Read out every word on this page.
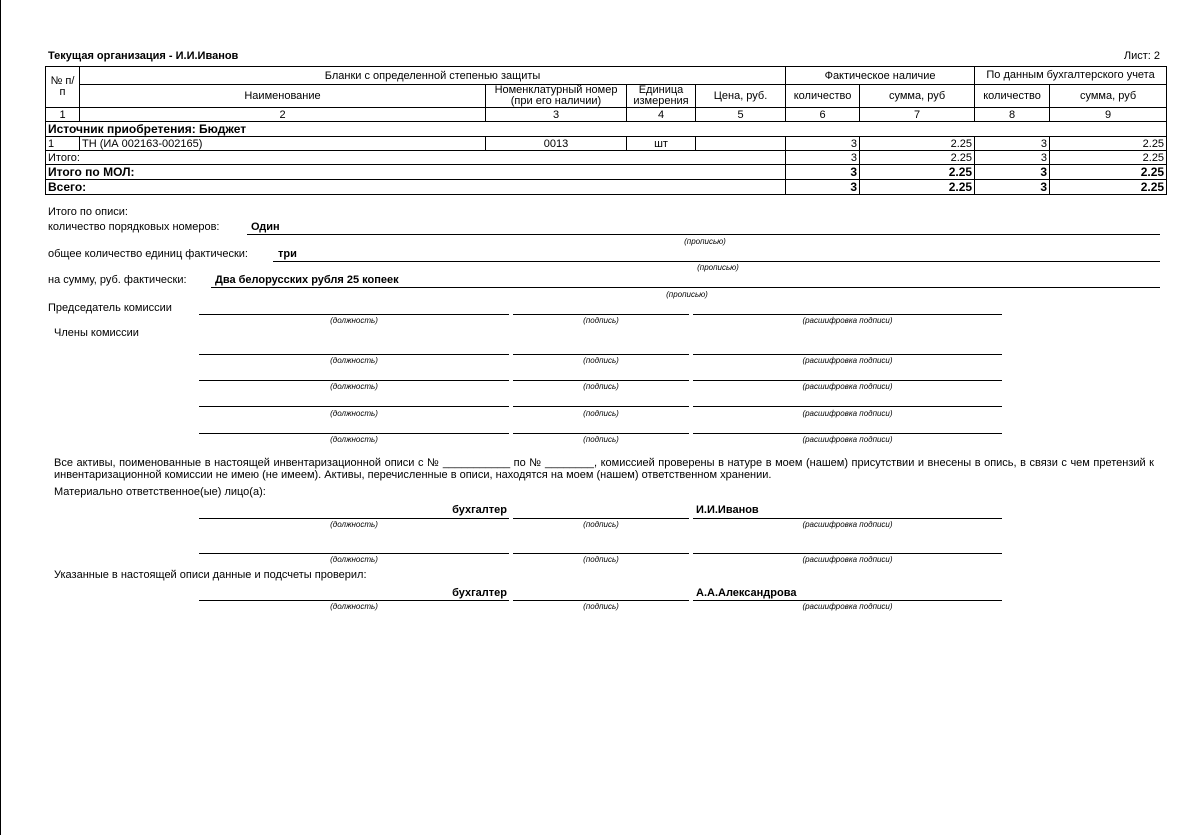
Текущая организация - И.И.Иванов	Лист: 2
№ п/п	Бланки с определенной степенью защиты				Фактическое наличие		По данным бухгалтерского учета	
	Наименование	Номенклатурный номер (при его наличии)	Единица измерения	Цена, руб.	количество	сумма, руб	количество	сумма, руб
1	2	3	4	5	6	7	8	9
Источник приобретения: Бюджет								
1	ТН (ИА 002163-002165)	0013	шт		3	2.25	3	2.25
Итого:					3	2.25	3	2.25
Итого по МОЛ:					3	2.25	3	2.25
Всего:					3	2.25	3	2.25
Итого по описи:
количество порядковых номеров:	Один
(прописью)
общее количество единиц фактически:	три
(прописью)
на сумму, руб. фактически:	Два белорусских рубля 25 копеек
(прописью)
Председатель комиссии
(должность)	(подпись)	(расшифровка подписи)
Члены комиссии
(должность)	(подпись)	(расшифровка подписи)
(должность)	(подпись)	(расшифровка подписи)
(должность)	(подпись)	(расшифровка подписи)
(должность)	(подпись)	(расшифровка подписи)
Все активы, поименованные в настоящей инвентаризационной описи с № ___________ по № ________, комиссией проверены в натуре в моем (нашем) присутствии и внесены в опись, в связи с чем претензий к инвентаризационной комиссии не имею (не имеем). Активы, перечисленные в описи, находятся на моем (нашем) ответственном хранении.
Материально ответственное(ые) лицо(а):
бухгалтер	И.И.Иванов
(должность)	(подпись)	(расшифровка подписи)
(должность)	(подпись)	(расшифровка подписи)
Указанные в настоящей описи данные и подсчеты проверил:
бухгалтер	А.А.Александрова
(должность)	(подпись)	(расшифровка подписи)
